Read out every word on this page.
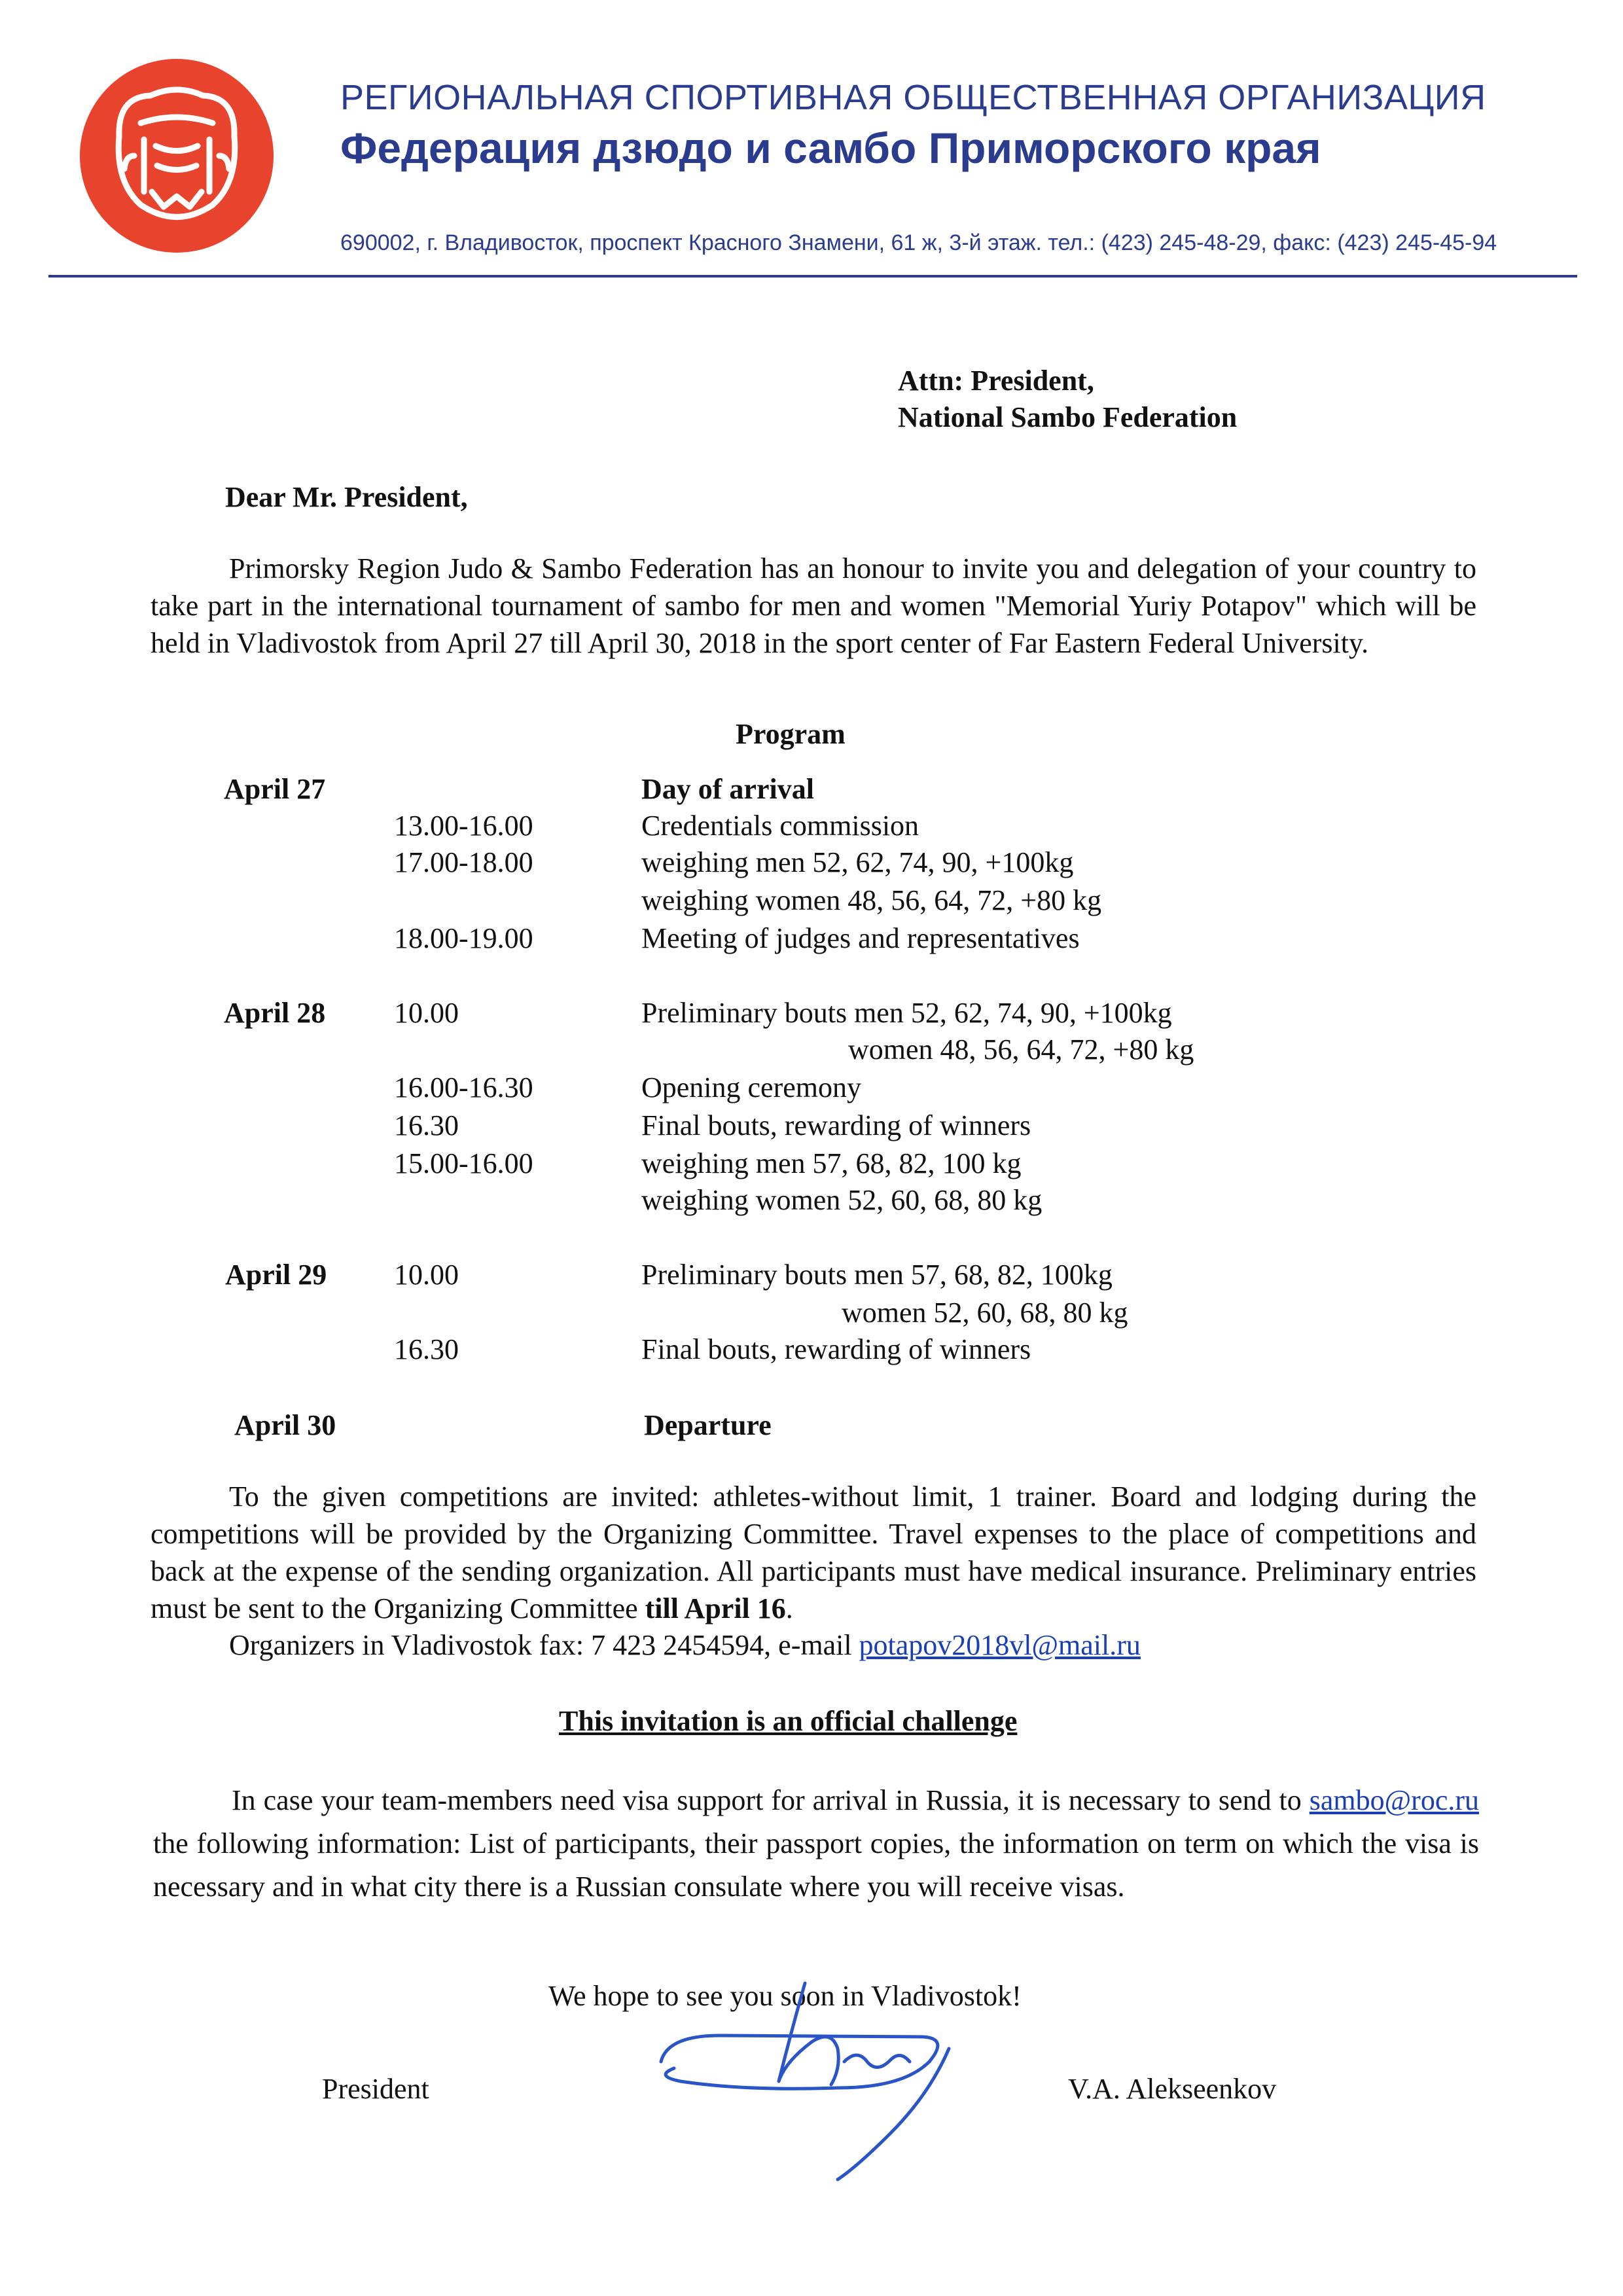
РЕГИОНАЛЬНАЯ СПОРТИВНАЯ ОБЩЕСТВЕННАЯ ОРГАНИЗАЦИЯ
Федерация дзюдо и самбо Приморского края
690002, г. Владивосток, проспект Красного Знамени, 61 ж, 3-й этаж. тел.: (423) 245-48-29, факс: (423) 245-45-94
Attn: President,
National Sambo Federation
Dear Mr. President,
Primorsky Region Judo & Sambo Federation has an honour to invite you and delegation of your country to take part in the international tournament of sambo for men and women "Memorial Yuriy Potapov" which will be held in Vladivostok from April 27 till April 30, 2018 in the sport center of Far Eastern Federal University.
Program
April 27	Day of arrival
13.00-16.00	Credentials commission
17.00-18.00	weighing men 52, 62, 74, 90, +100kg
weighing women 48, 56, 64, 72, +80 kg
18.00-19.00	Meeting of judges and representatives
April 28 10.00	Preliminary bouts men 52, 62, 74, 90, +100kg
women 48, 56, 64, 72, +80 kg
16.00-16.30	Opening ceremony
16.30	Final bouts, rewarding of winners
15.00-16.00	weighing men 57, 68, 82, 100 kg
weighing women 52, 60, 68, 80 kg
April 29 10.00	Preliminary bouts men 57, 68, 82, 100kg
women 52, 60, 68, 80 kg
16.30	Final bouts, rewarding of winners
April 30	Departure
To the given competitions are invited: athletes-without limit, 1 trainer. Board and lodging during the competitions will be provided by the Organizing Committee. Travel expenses to the place of competitions and back at the expense of the sending organization. All participants must have medical insurance. Preliminary entries must be sent to the Organizing Committee till April 16.
Organizers in Vladivostok fax: 7 423 2454594, e-mail potapov2018vl@mail.ru
This invitation is an official challenge
In case your team-members need visa support for arrival in Russia, it is necessary to send to sambo@roc.ru the following information: List of participants, their passport copies, the information on term on which the visa is necessary and in what city there is a Russian consulate where you will receive visas.
We hope to see you soon in Vladivostok!
President	V.A. Alekseenkov
